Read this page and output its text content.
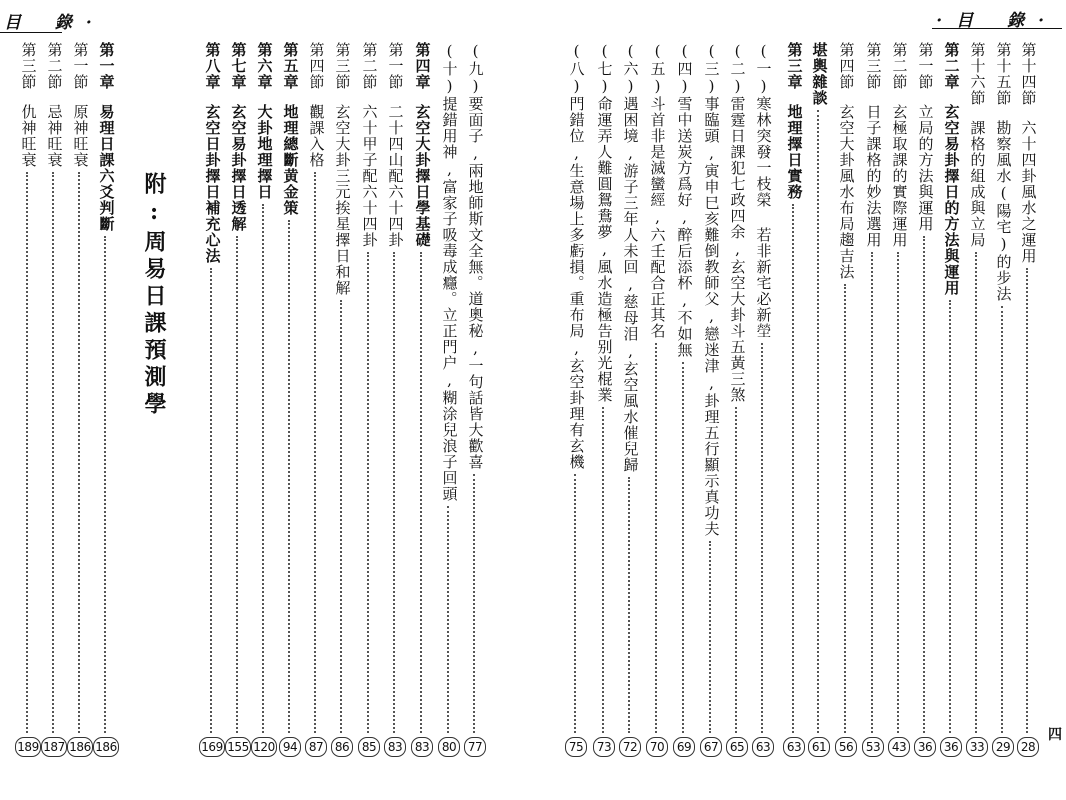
目 錄·	·目 錄·
四
第十四節
六十四卦風水之運用
28
第十五節
勘察風水(陽宅)的步法
29
第十六節
課格的組成與立局
33
第二章
玄空易卦擇日的方法與運用
36
第一節
立局的方法與運用
36
第二節
玄極取課的實際運用
43
第三節
日子課格的妙法選用
53
第四節
玄空大卦風水布局趨吉法
56
堪輿雜談
61
第三章
地理擇日實務
63
(一)寒林突發一枝榮 若非新宅必新塋
63
(二)雷霆日課犯七政四余,玄空大卦斗五黃三煞
65
(三)事臨頭,寅申巳亥難倒教師父,戀迷津,卦理五行顯示真功夫
67
(四)雪中送炭方爲好,醉后添杯,不如無
69
(五)斗首非是滅蠻經,六壬配合正其名
70
(六)遇困境,游子三年人未回,慈母泪,玄空風水催兒歸
72
(七)命運弄人難圓鴛鴦夢,風水造極告别光棍業
73
(八)門錯位,生意場上多虧損。重布局,玄空卦理有玄機
75
(九)要面子,兩地師斯文全無。道奧秘,一句話皆大歡喜
77
(十)提錯用神,富家子吸毒成癮。立正門户,糊涂兒浪子回頭
80
第四章
玄空大卦擇日學基礎
83
第一節
二十四山配六十四卦
83
第二節
六十甲子配六十四卦
85
第三節
玄空大卦三元挨星擇日和解
86
第四節
觀課入格
87
第五章
地理總斷黄金策
94
第六章
大卦地理擇日
120
第七章
玄空易卦擇日透解
155
第八章
玄空日卦擇日補充心法
169
附:周易日課預測學
第一章
易理日課六爻判斷
186
第一節
原神旺衰
186
第二節
忌神旺衰
187
第三節
仇神旺衰
189
